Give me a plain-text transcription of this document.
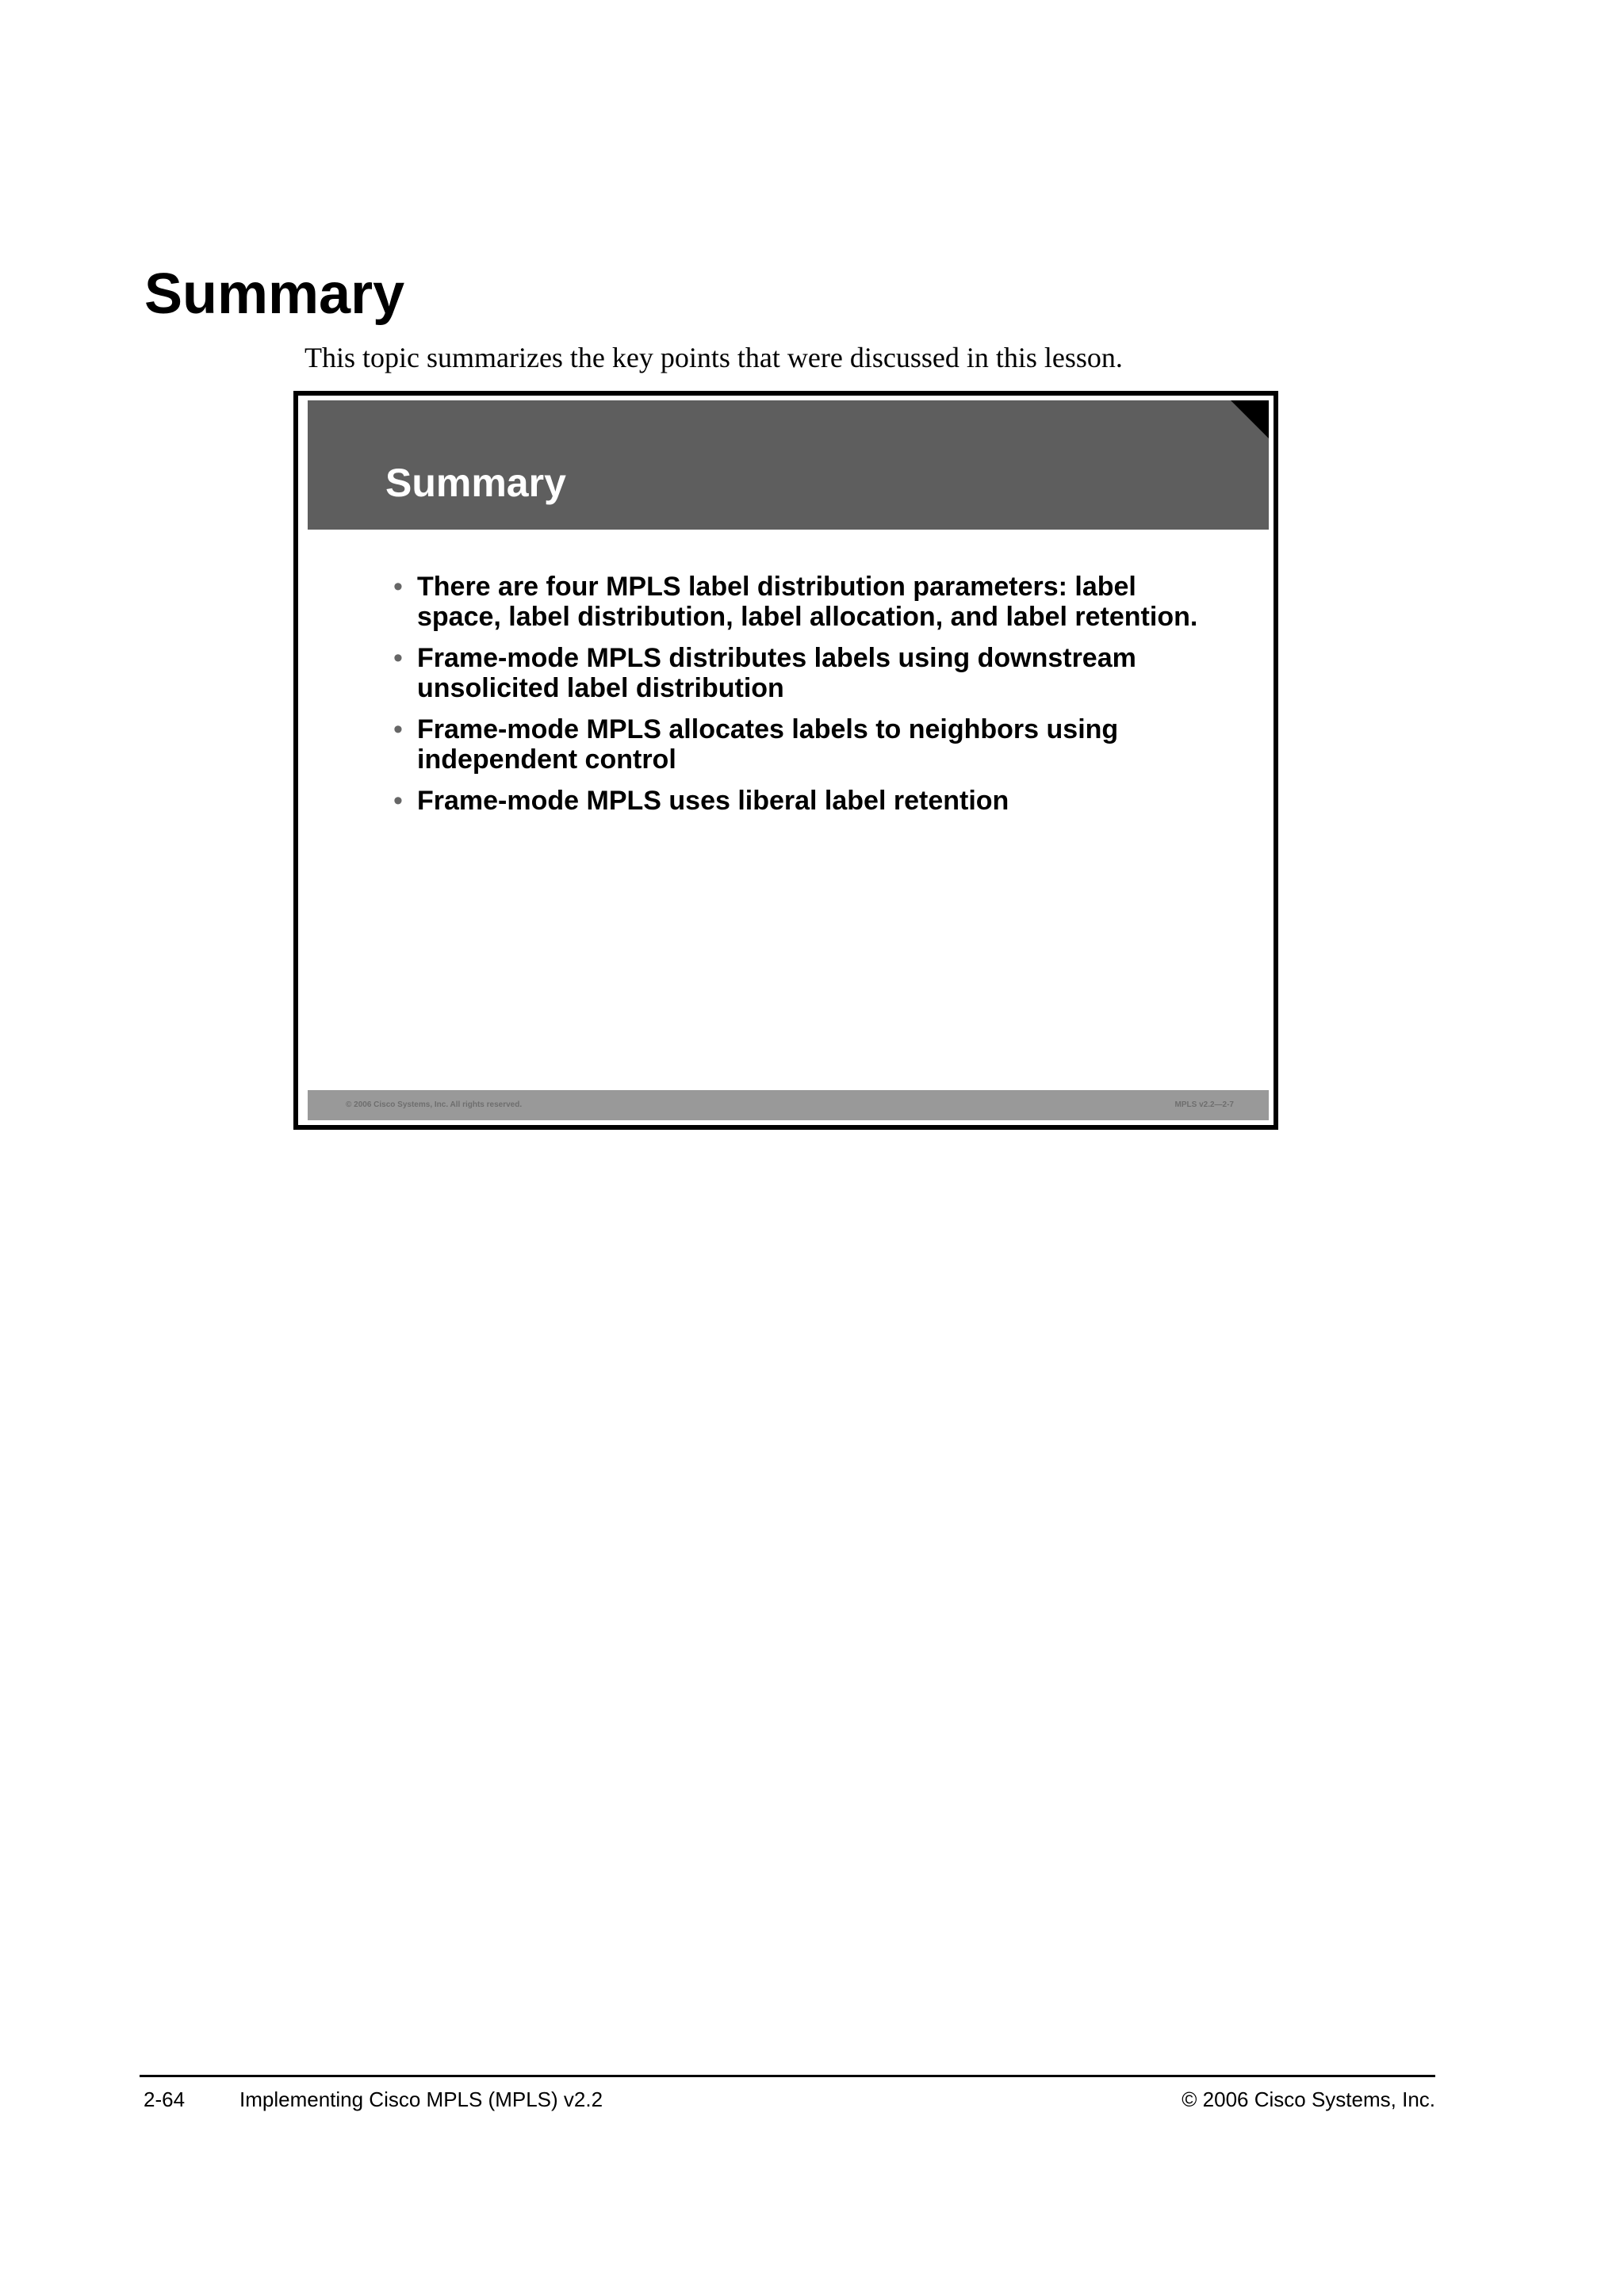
Summary

This topic summarizes the key points that were discussed in this lesson.

Summary
• There are four MPLS label distribution parameters: label space, label distribution, label allocation, and label retention.
• Frame-mode MPLS distributes labels using downstream unsolicited label distribution
• Frame-mode MPLS allocates labels to neighbors using independent control
• Frame-mode MPLS uses liberal label retention
© 2006 Cisco Systems, Inc. All rights reserved.	MPLS v2.2—2-7
2-64	Implementing Cisco MPLS (MPLS) v2.2	© 2006 Cisco Systems, Inc.
